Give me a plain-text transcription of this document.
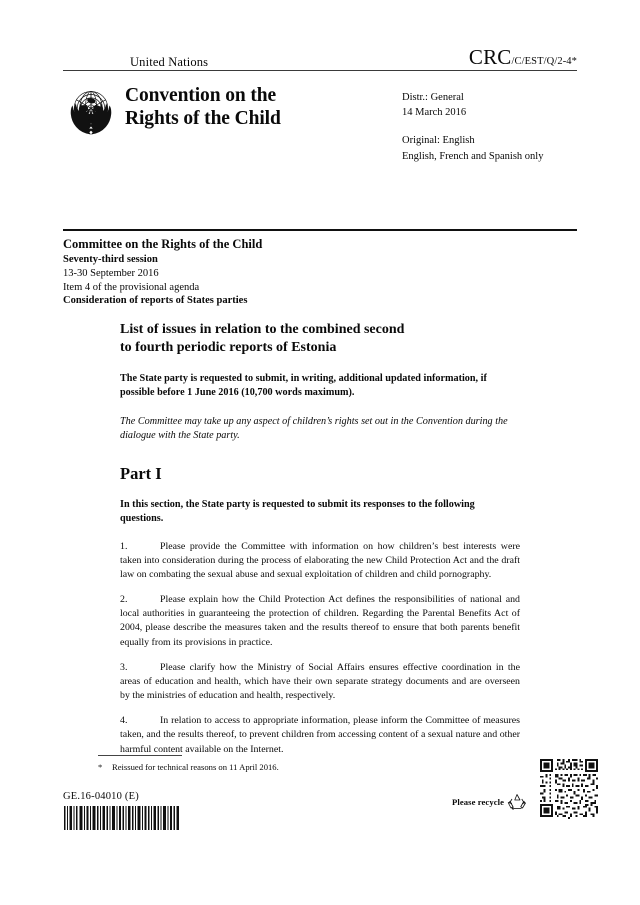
United Nations	CRC/C/EST/Q/2-4*
Convention on the
Rights of the Child
Distr.: General
14 March 2016
Original: English
English, French and Spanish only
Committee on the Rights of the Child
Seventy-third session
13-30 September 2016
Item 4 of the provisional agenda
Consideration of reports of States parties
List of issues in relation to the combined second
to fourth periodic reports of Estonia

The State party is requested to submit, in writing, additional updated information, if possible before 1 June 2016 (10,700 words maximum).

The Committee may take up any aspect of children’s rights set out in the Convention during the dialogue with the State party.

Part I

In this section, the State party is requested to submit its responses to the following questions.

1.	Please provide the Committee with information on how children’s best interests were taken into consideration during the process of elaborating the new Child Protection Act and the draft law on combating the sexual abuse and sexual exploitation of children and child pornography.

2.	Please explain how the Child Protection Act defines the responsibilities of national and local authorities in guaranteeing the protection of children. Regarding the Parental Benefits Act of 2004, please describe the measures taken and the results thereof to ensure that both parents benefit equally from its provisions in practice.

3.	Please clarify how the Ministry of Social Affairs ensures effective coordination in the areas of education and health, which have their own separate strategy documents and are overseen by the ministries of education and health, respectively.

4.	In relation to access to appropriate information, please inform the Committee of measures taken, and the results thereof, to prevent children from accessing content of a sexual nature and other harmful content available on the Internet.

* Reissued for technical reasons on 11 April 2016.
GE.16-04010 (E)	Please recycle
